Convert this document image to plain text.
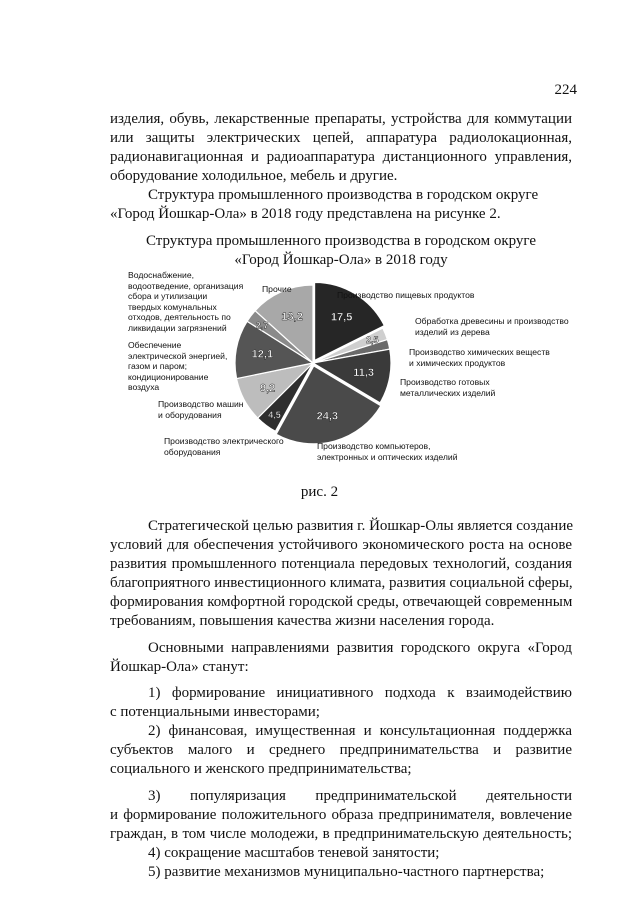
224
изделия, обувь, лекарственные препараты, устройства для коммутации
или защиты электрических цепей, аппаратура радиолокационная,
радионавигационная и радиоаппаратура дистанционного управления,
оборудование холодильное, мебель и другие.
Структура промышленного производства в городском округе
«Город Йошкар-Ола» в 2018 году представлена на рисунке 2.
Структура промышленного производства в городском округе
«Город Йошкар-Ола» в 2018 году
17,5
2,5
11,3
24,3
4,5
9,2
12,1
2,7
13,2
Производство пищевых продуктов
Обработка древесины и производство
изделий из дерева
Производство химических веществ
и химических продуктов
Производство готовых
металлических изделий
Производство компьютеров,
электронных и оптических изделий
Производство электрического
оборудования
Производство машин
и оборудования
Обеспечение
электрической энергией,
газом и паром;
кондиционирование
воздуха
Водоснабжение,
водоотведение, организация
сбора и утилизации
твердых комунальных
отходов, деятельность по
ликвидации загрязнений
Прочие
рис. 2
Стратегической целью развития г. Йошкар-Олы является создание
условий для обеспечения устойчивого экономического роста на основе
развития промышленного потенциала передовых технологий, создания
благоприятного инвестиционного климата, развития социальной сферы,
формирования комфортной городской среды, отвечающей современным
требованиям, повышения качества жизни населения города.
Основными направлениями развития городского округа «Город
Йошкар-Ола» станут:
1) формирование инициативного подхода к взаимодействию
с потенциальными инвесторами;
2) финансовая, имущественная и консультационная поддержка
субъектов малого и среднего предпринимательства и развитие
социального и женского предпринимательства;
3) популяризация предпринимательской деятельности
и формирование положительного образа предпринимателя, вовлечение
граждан, в том числе молодежи, в предпринимательскую деятельность;
4) сокращение масштабов теневой занятости;
5) развитие механизмов муниципально-частного партнерства;
